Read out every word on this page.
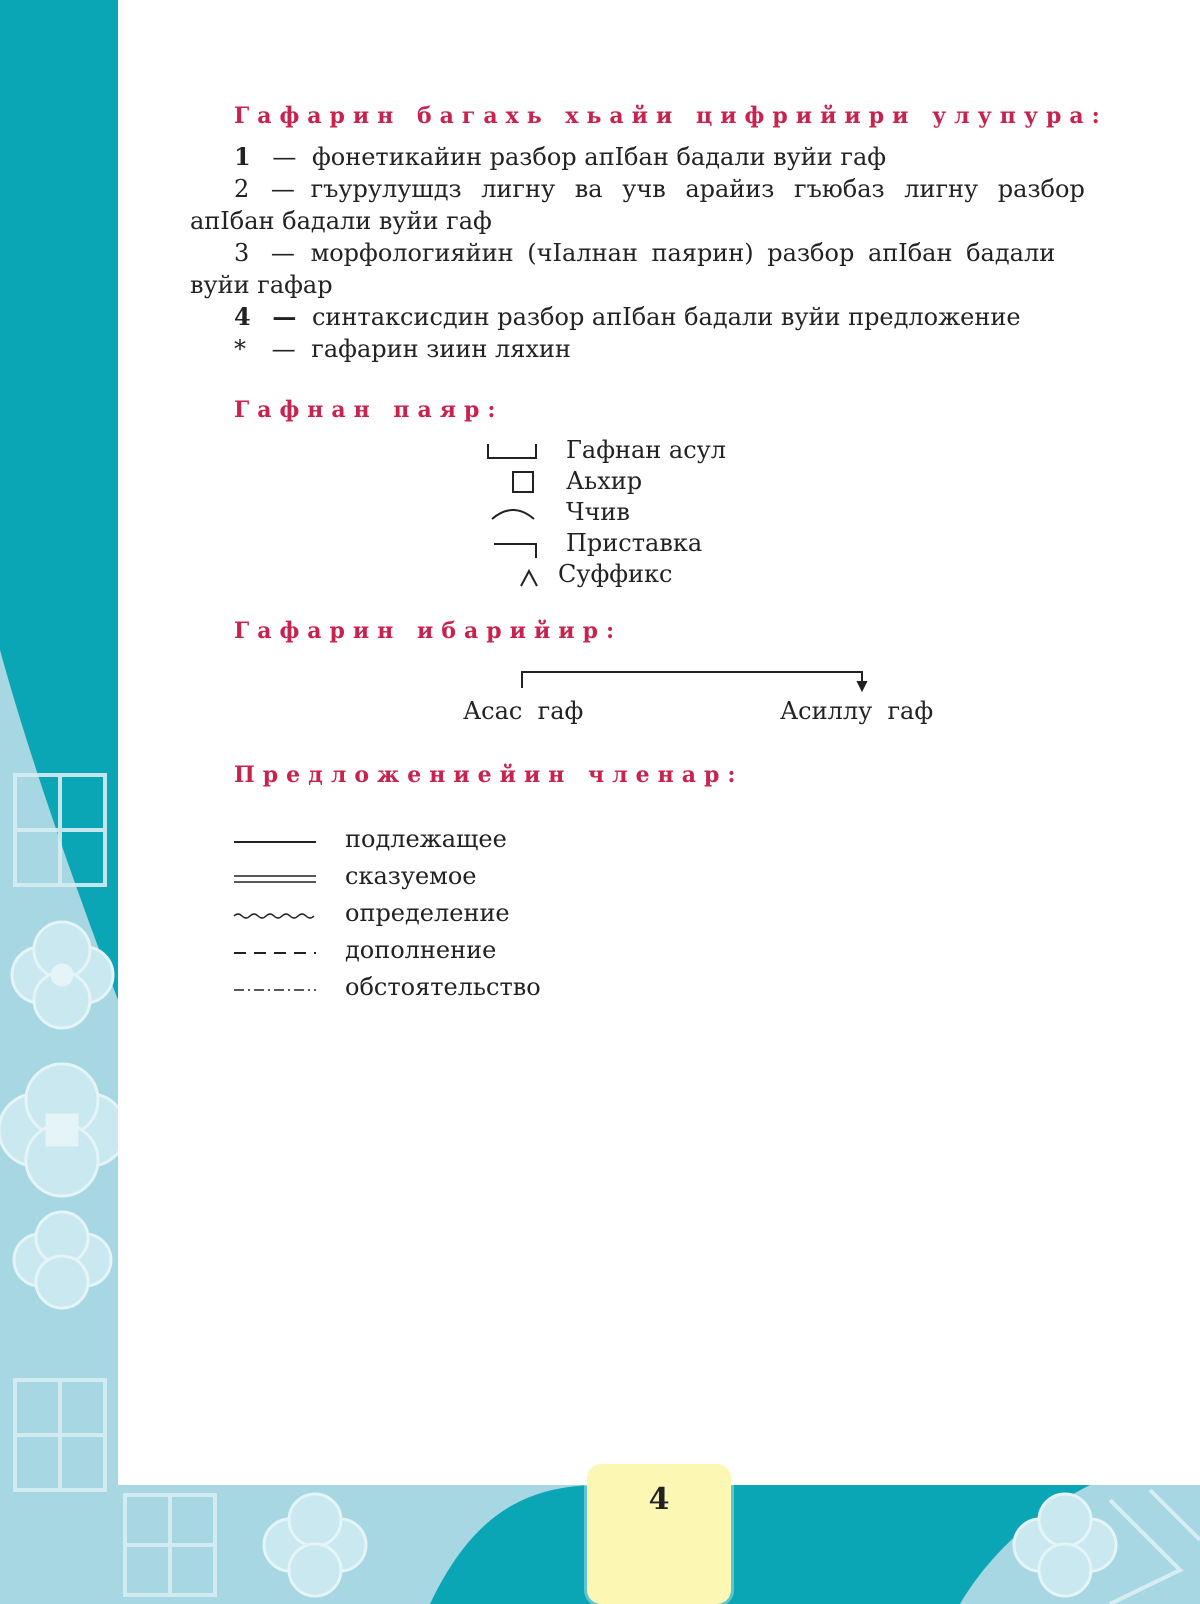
Гафарин багахь хьайи цифрийири улупура:
1 — фонетикайин разбор апIбан бадали вуйи гаф
2 — гъурулушдз лигну ва учв арайиз гъюбаз лигну разбор
апIбан бадали вуйи гаф
3 — морфологияйин (чIалнан паярин) разбор апIбан бадали
вуйи гафар
4 — синтаксисдин разбор апIбан бадали вуйи предложение
* — гафарин зиин ляхин
Гафнан паяр:
Гафнан асул
Аьхир
Ччив
Приставка
Суффикс
Гафарин ибарийир:
Асас  гаф	Асиллу  гаф
Предложениейин членар:
подлежащее
сказуемое
определение
дополнение
обстоятельство
4
